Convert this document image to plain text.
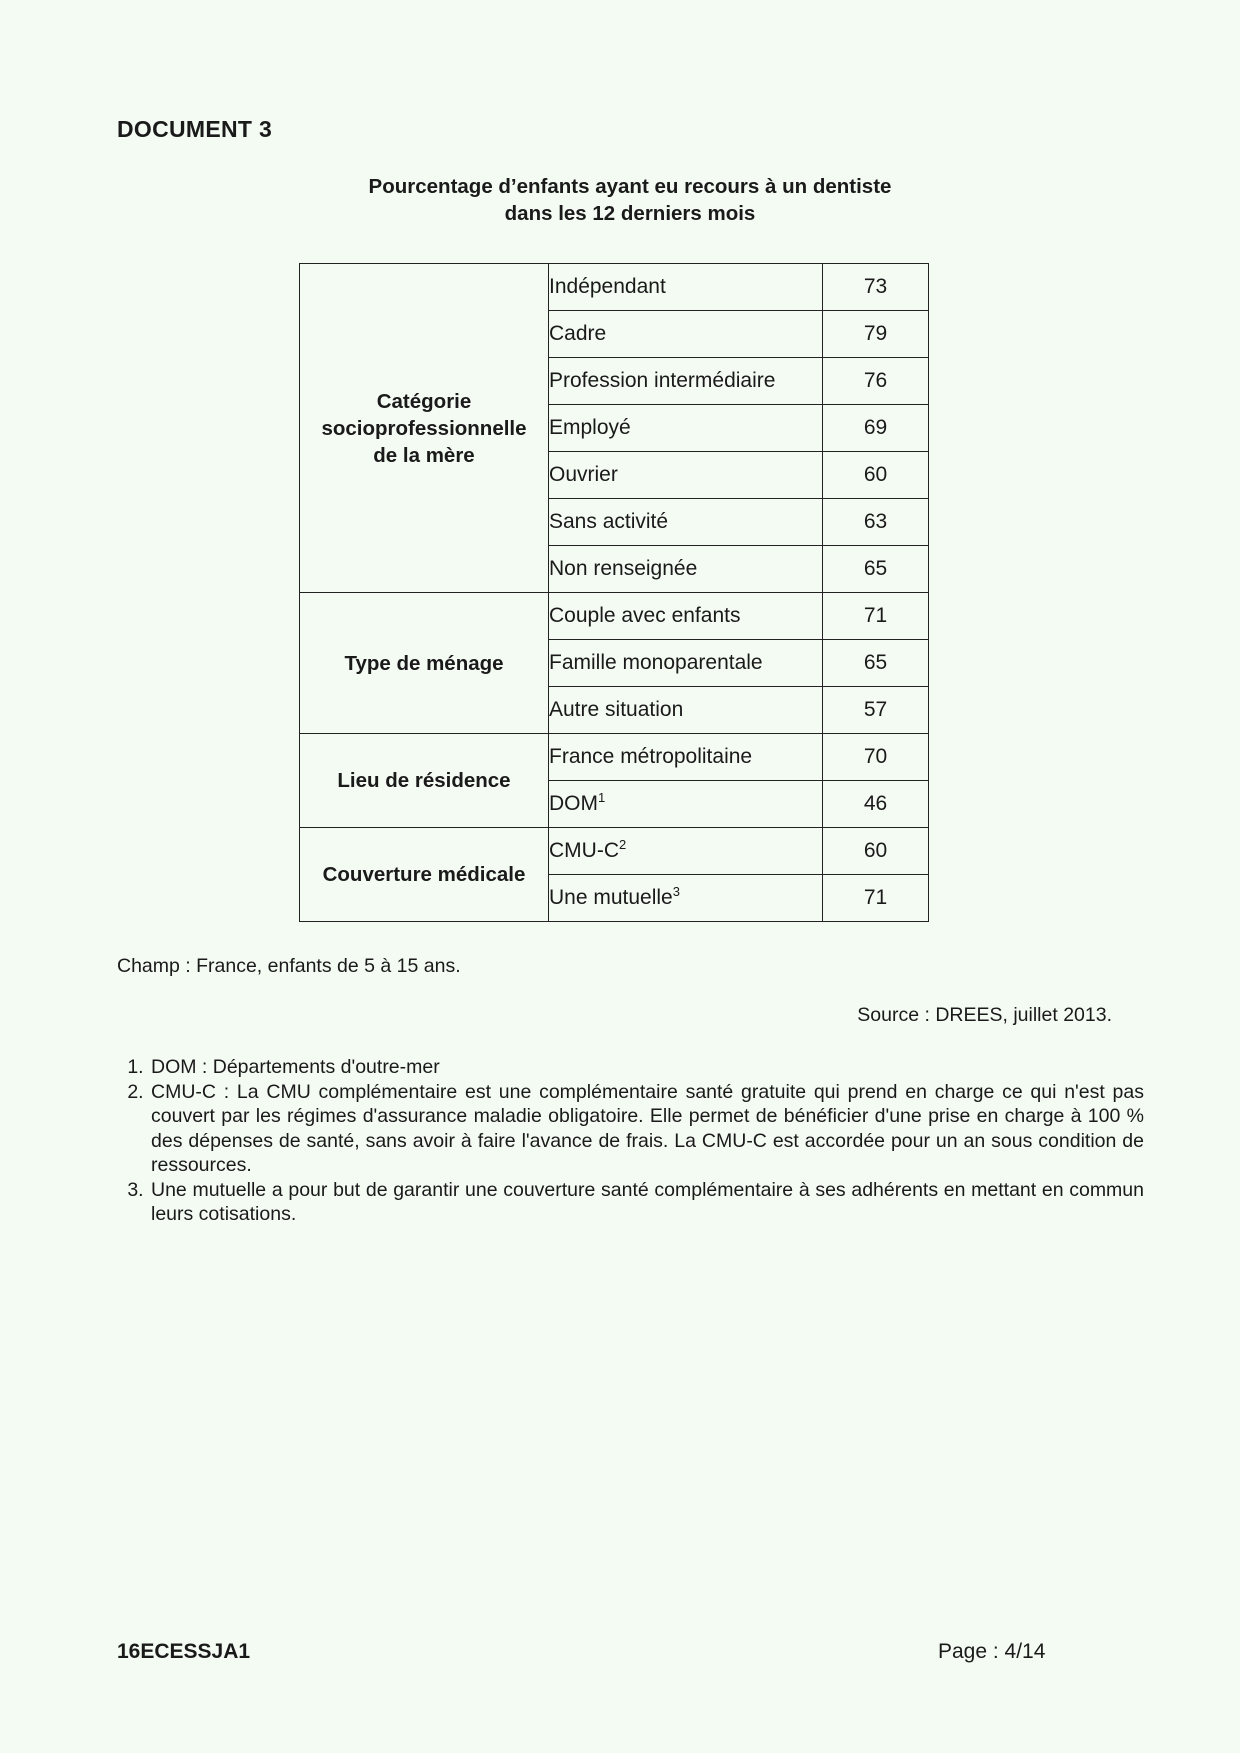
DOCUMENT 3
Pourcentage d’enfants ayant eu recours à un dentiste
dans les 12 derniers mois
Catégorie
socioprofessionnelle
de la mère	Indépendant	73
	Cadre	79
	Profession intermédiaire	76
	Employé	69
	Ouvrier	60
	Sans activité	63
	Non renseignée	65

Type de ménage	Couple avec enfants	71
	Famille monoparentale	65
	Autre situation	57

Lieu de résidence	France métropolitaine	70
	DOM$^1$	46

Couverture médicale	CMU-$C^2$	60
	Une mutuelle$^3$	71
Champ : France, enfants de 5 à 15 ans.
Source : DREES, juillet 2013.
1. DOM : Départements d'outre-mer
2. CMU-C : La CMU complémentaire est une complémentaire santé gratuite qui prend en charge ce qui n'est pas couvert par les régimes d'assurance maladie obligatoire. Elle permet de bénéficier d'une prise en charge à 100 % des dépenses de santé, sans avoir à faire l'avance de frais. La CMU-C est accordée pour un an sous condition de ressources.
3. Une mutuelle a pour but de garantir une couverture santé complémentaire à ses adhérents en mettant en commun leurs cotisations.
16ECESSJA1	Page : 4/14
